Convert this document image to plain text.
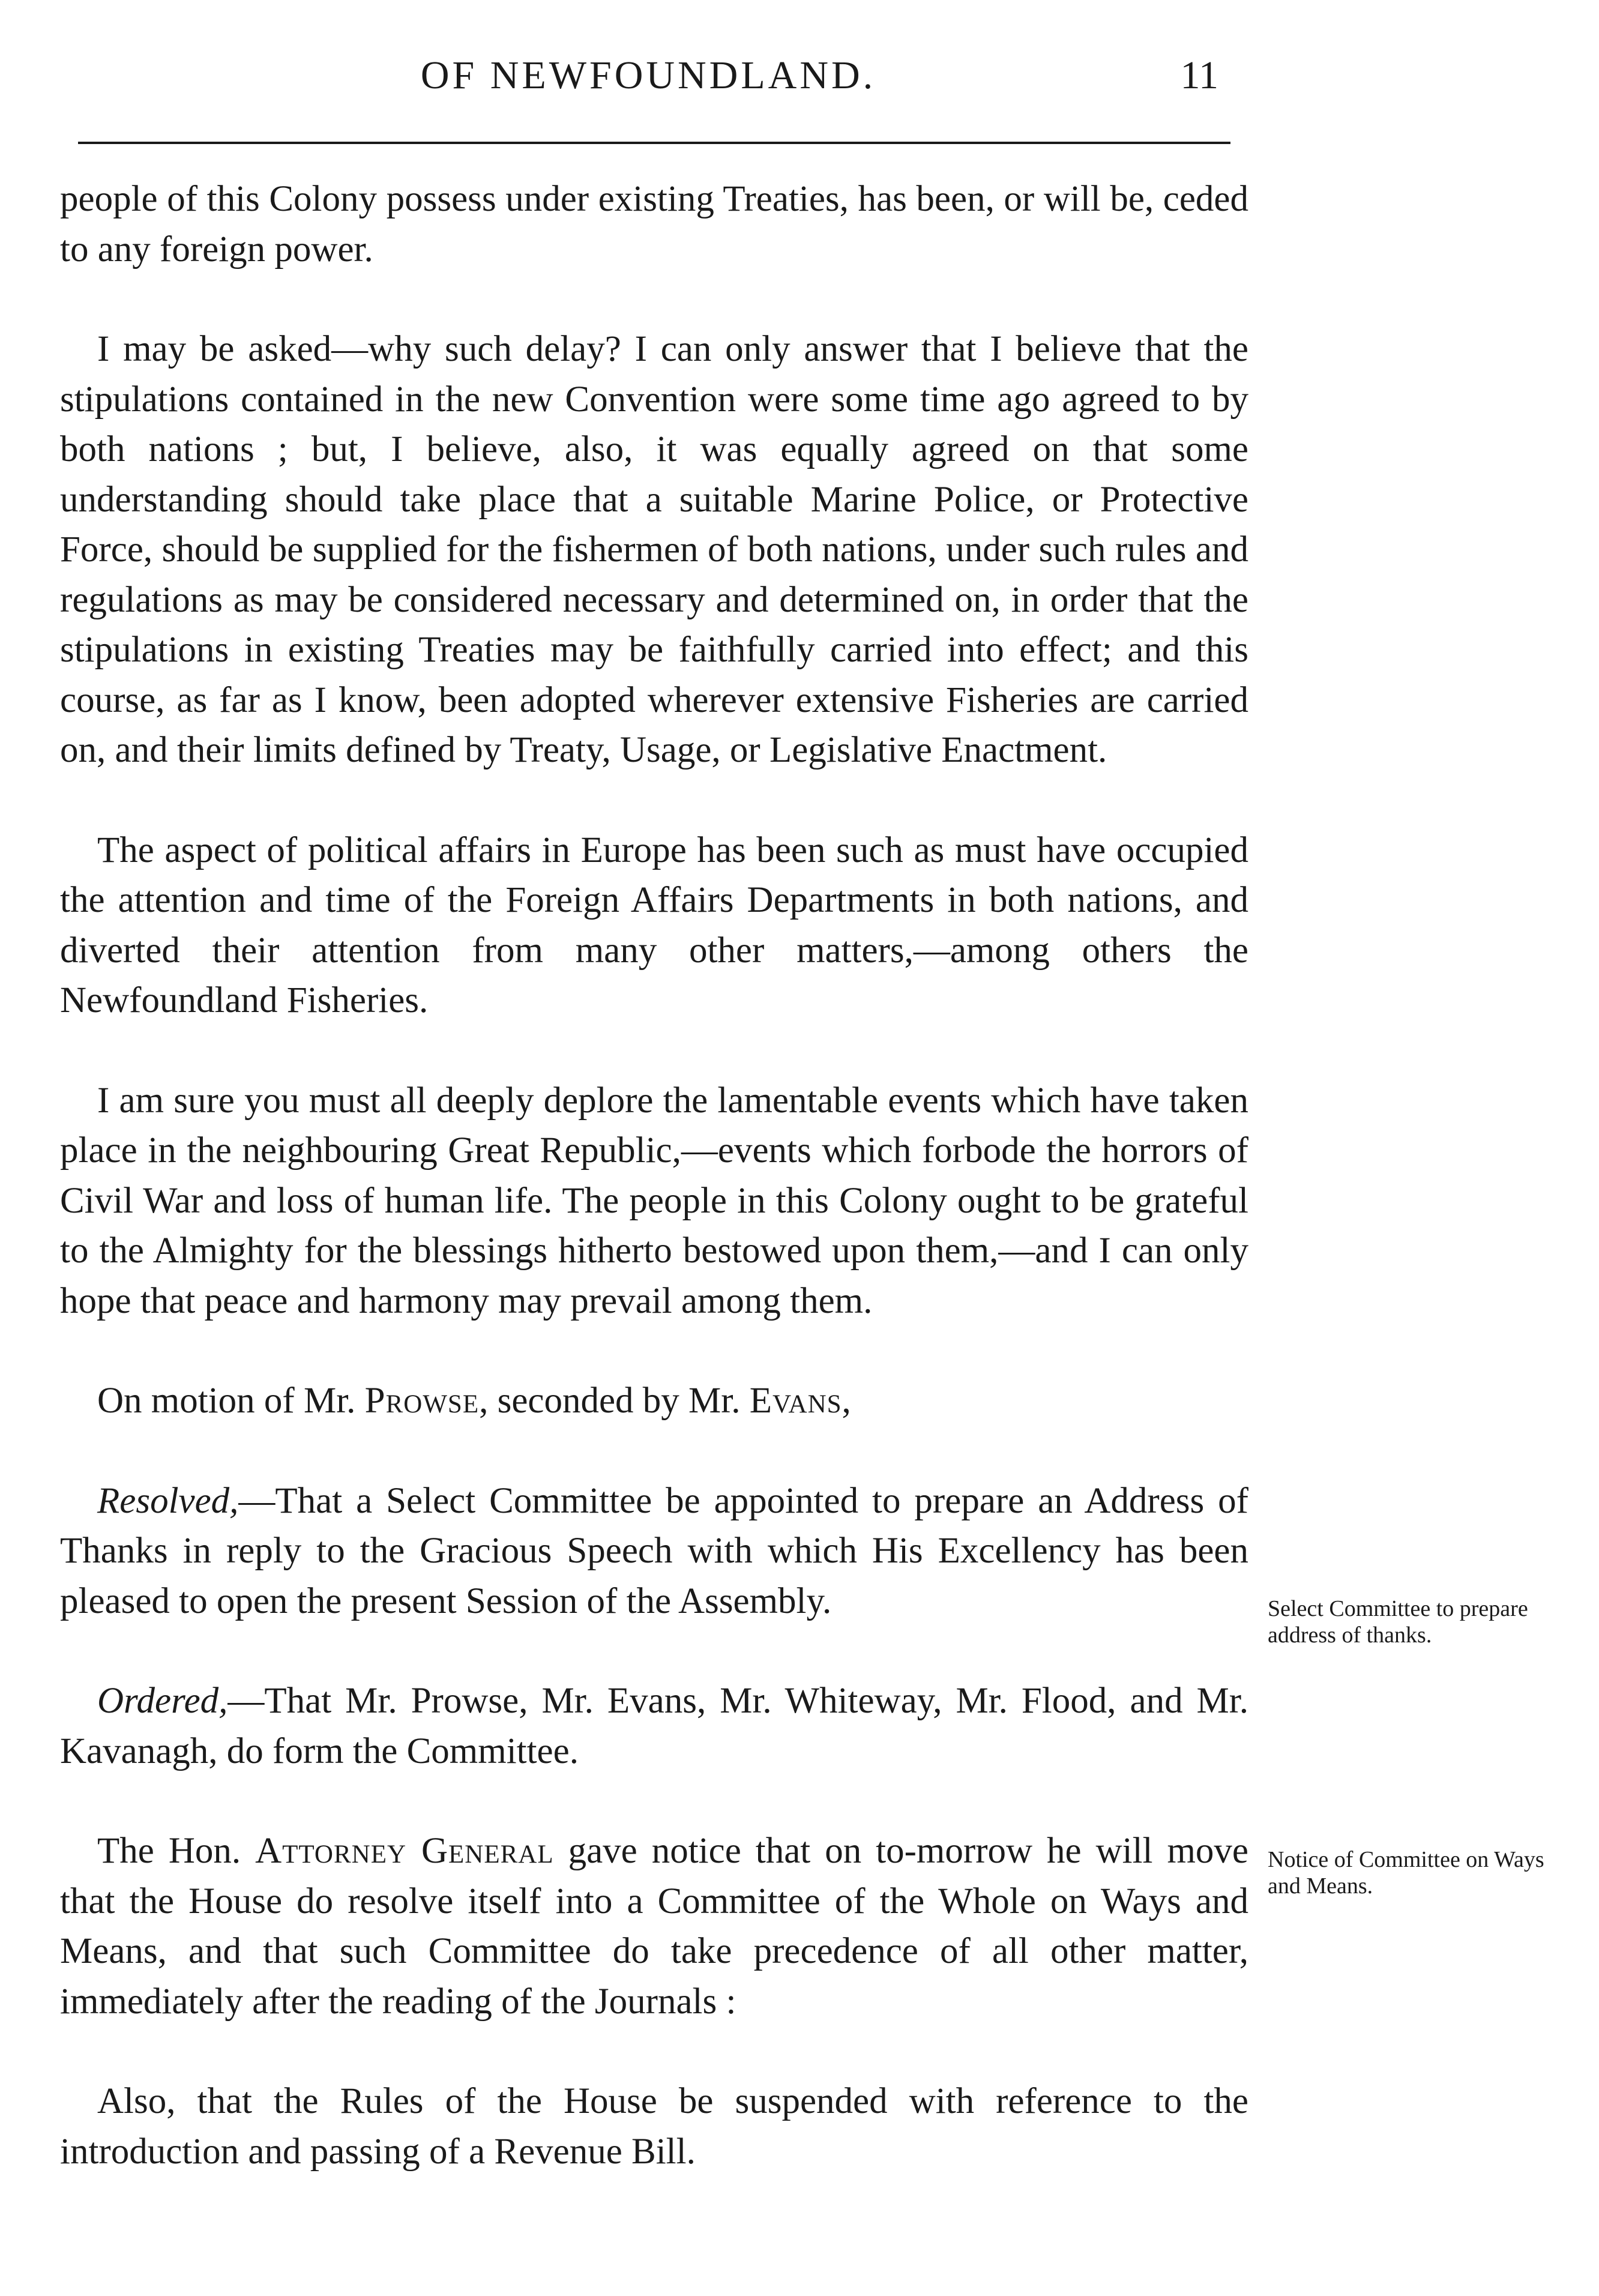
OF NEWFOUNDLAND.	11

people of this Colony possess under existing Treaties, has been, or will be, ceded to any foreign power.

I may be asked—why such delay? I can only answer that I believe that the stipulations contained in the new Convention were some time ago agreed to by both nations ; but, I believe, also, it was equally agreed on that some understanding should take place that a suitable Marine Police, or Protective Force, should be supplied for the fishermen of both nations, under such rules and regulations as may be considered necessary and determined on, in order that the stipulations in existing Treaties may be faithfully carried into effect; and this course, as far as I know, been adopted wherever extensive Fisheries are carried on, and their limits defined by Treaty, Usage, or Legislative Enactment.

The aspect of political affairs in Europe has been such as must have occupied the attention and time of the Foreign Affairs Departments in both nations, and diverted their attention from many other matters,—among others the Newfoundland Fisheries.

I am sure you must all deeply deplore the lamentable events which have taken place in the neighbouring Great Republic,—events which forbode the horrors of Civil War and loss of human life. The people in this Colony ought to be grateful to the Almighty for the blessings hitherto bestowed upon them,—and I can only hope that peace and harmony may prevail among them.

On motion of Mr. Prowse, seconded by Mr. Evans,

Resolved,—That a Select Committee be appointed to prepare an Address of Thanks in reply to the Gracious Speech with which His Excellency has been pleased to open the present Session of the Assembly.

Ordered,—That Mr. Prowse, Mr. Evans, Mr. Whiteway, Mr. Flood, and Mr. Kavanagh, do form the Committee.

The Hon. Attorney General gave notice that on to-morrow he will move that the House do resolve itself into a Committee of the Whole on Ways and Means, and that such Committee do take precedence of all other matter, immediately after the reading of the Journals :

Also, that the Rules of the House be suspended with reference to the introduction and passing of a Revenue Bill.

Select Committee to prepare address of thanks.
Notice of Committee on Ways and Means.
